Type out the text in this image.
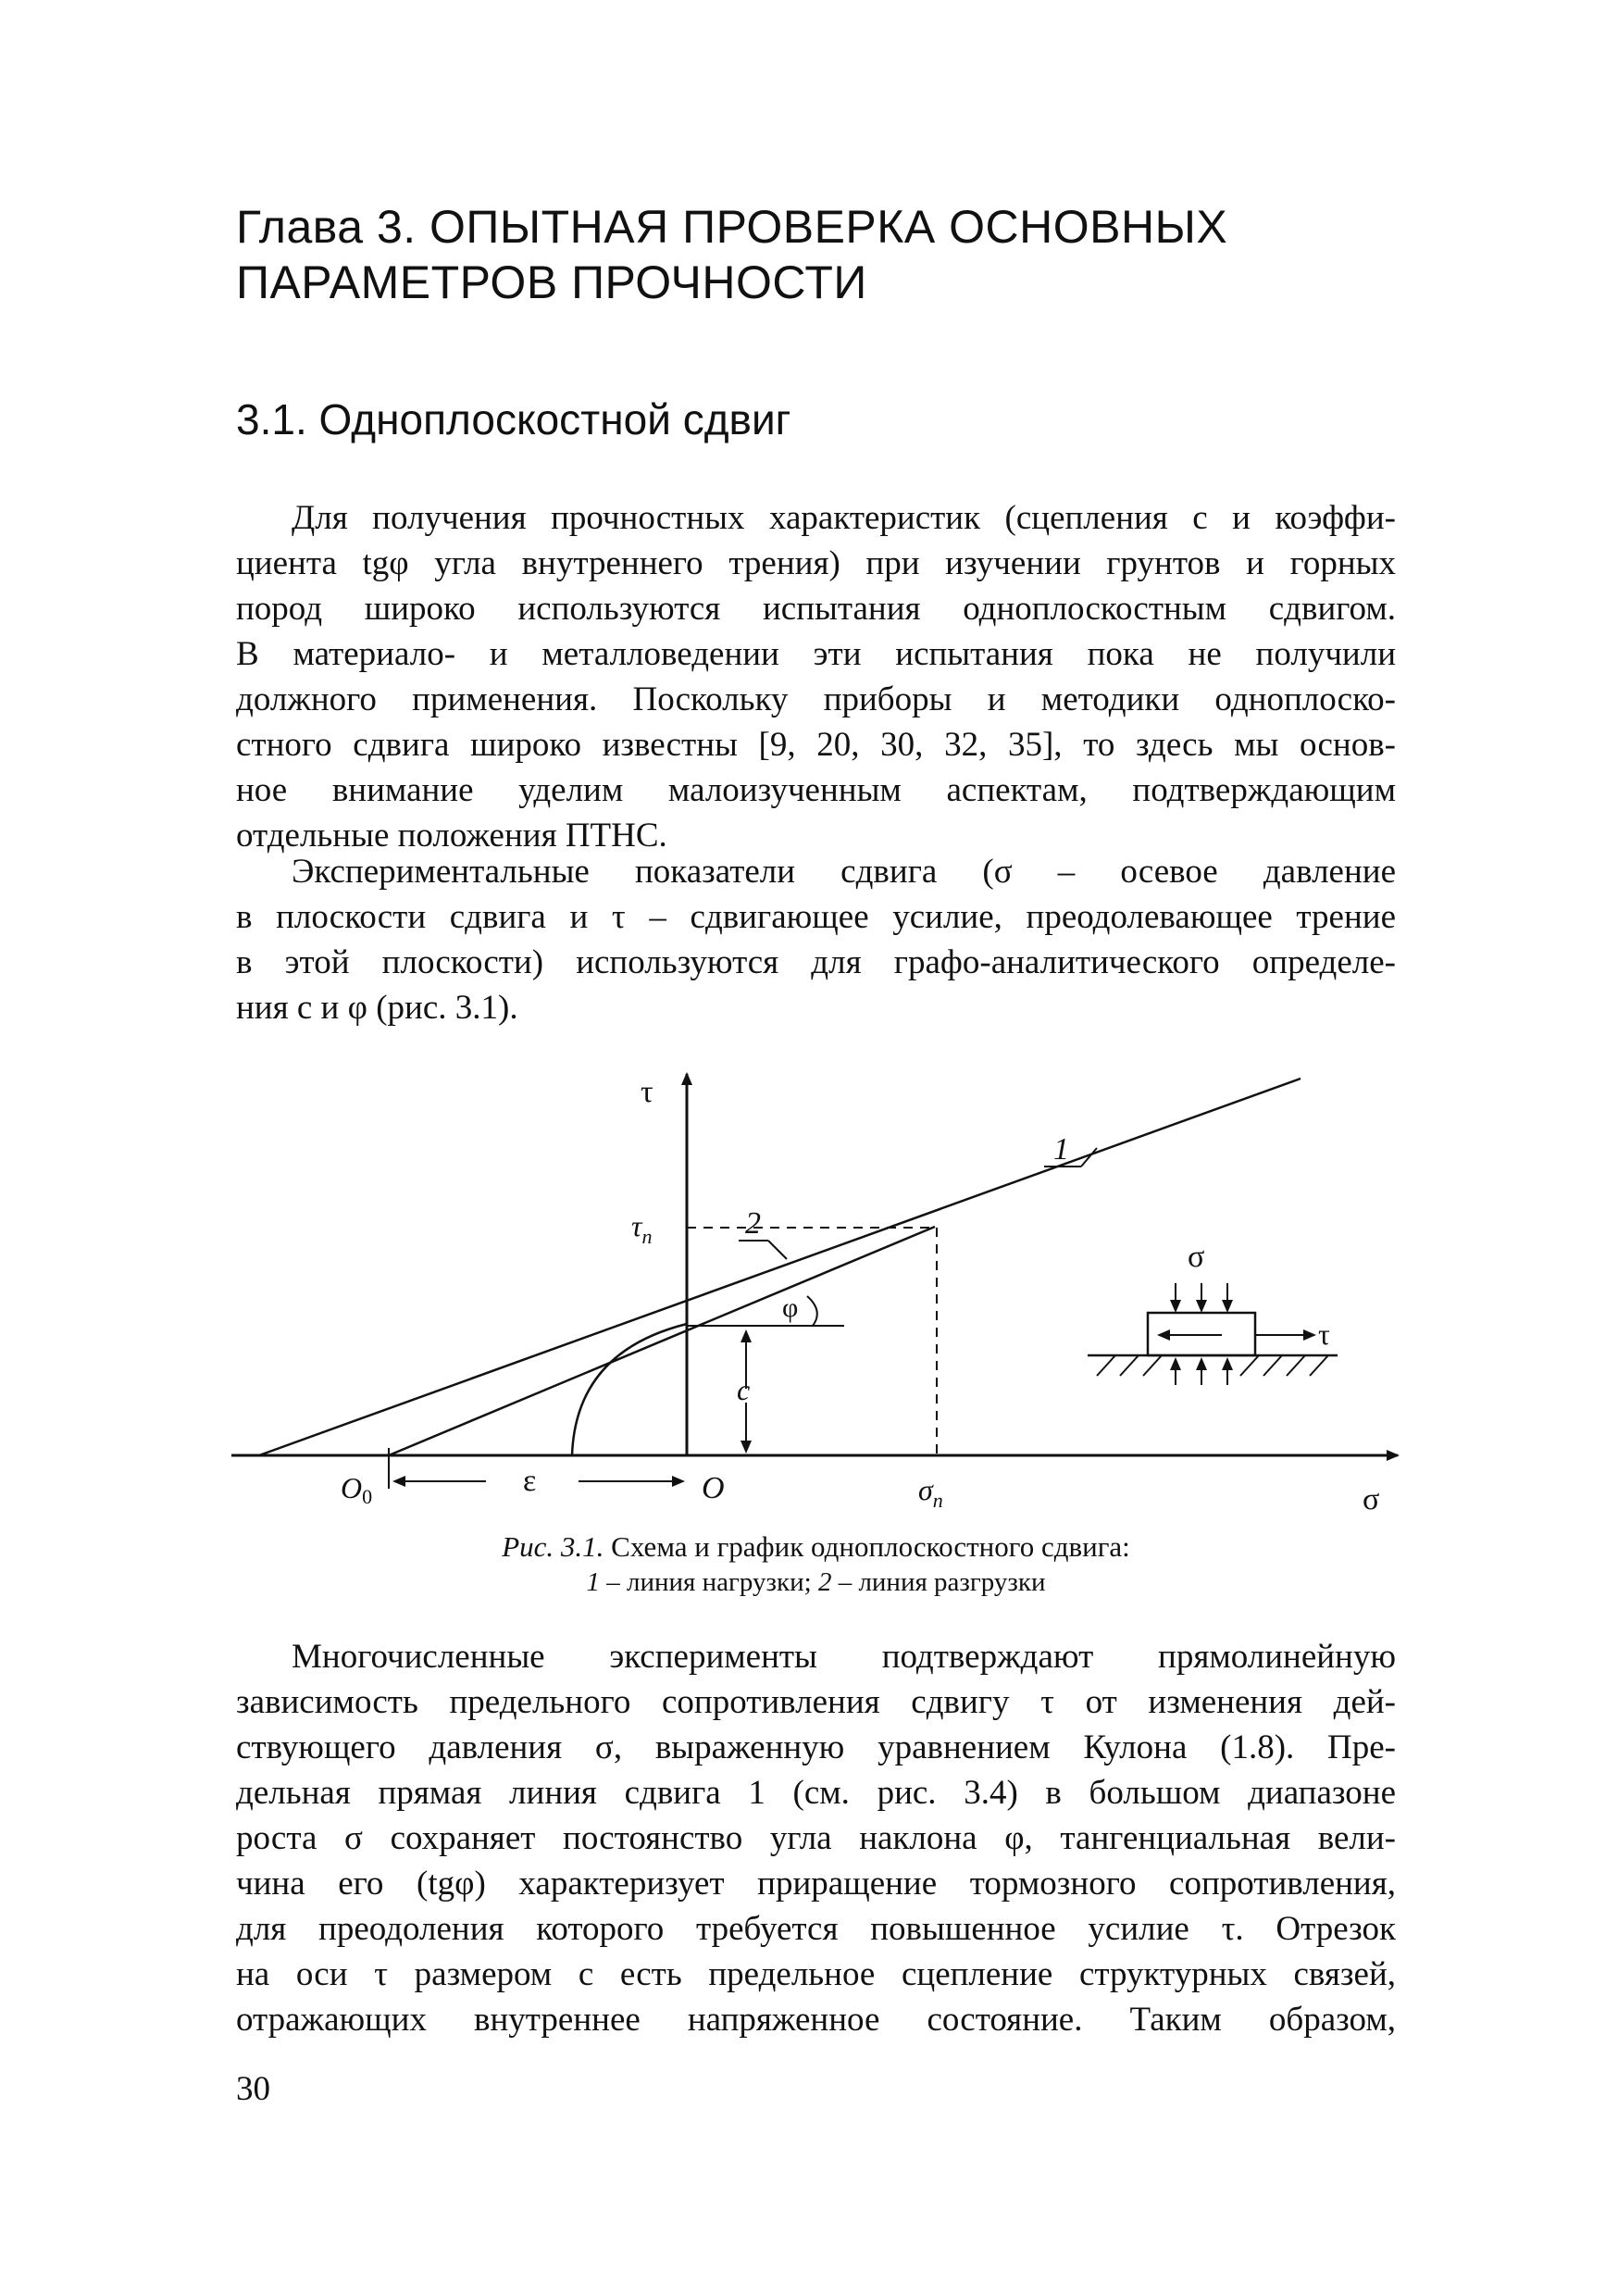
Глава 3. ОПЫТНАЯ ПРОВЕРКА ОСНОВНЫХ
ПАРАМЕТРОВ ПРОЧНОСТИ
3.1. Одноплоскостной сдвиг
Для получения прочностных характеристик (сцепления с и коэффи-
циента tgφ угла внутреннего трения) при изучении грунтов и горных
пород широко используются испытания одноплоскостным сдвигом.
В материало- и металловедении эти испытания пока не получили
должного применения. Поскольку приборы и методики одноплоско-
стного сдвига широко известны [9, 20, 30, 32, 35], то здесь мы основ-
ное внимание уделим малоизученным аспектам, подтверждающим
отдельные положения ПТНС.
Экспериментальные показатели сдвига (σ – осевое давление
в плоскости сдвига и τ – сдвигающее усилие, преодолевающее трение
в этой плоскости) используются для графо-аналитического определе-
ния с и φ (рис. 3.1).
τ
σ
$\tau_n$
$\sigma_n$
O
O0	ε
c
φ
1
2
σ
τ

Рис. 3.1. Схема и график одноплоскостного сдвига:

1 – линия нагрузки; 2 – линия разгрузки

Многочисленные эксперименты подтверждают прямолинейную
зависимость предельного сопротивления сдвигу τ от изменения дей-
ствующего давления σ, выраженную уравнением Кулона (1.8). Пре-
дельная прямая линия сдвига 1 (см. рис. 3.4) в большом диапазоне
роста σ сохраняет постоянство угла наклона φ, тангенциальная вели-
чина его (tgφ) характеризует приращение тормозного сопротивления,
для преодоления которого требуется повышенное усилие τ. Отрезок
на оси τ размером с есть предельное сцепление структурных связей,
отражающих внутреннее напряженное состояние. Таким образом,

30
